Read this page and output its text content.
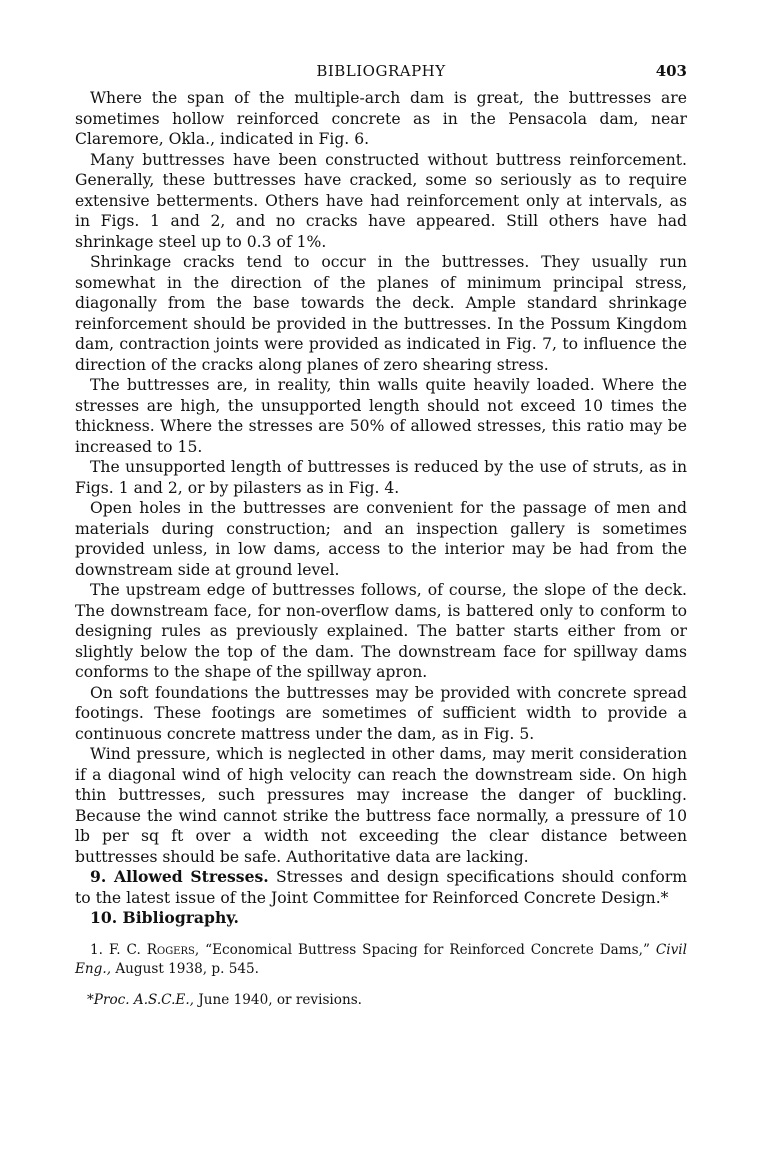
BIBLIOGRAPHY	403

Where the span of the multiple-arch dam is great, the buttresses are sometimes hollow reinforced concrete as in the Pensacola dam, near Claremore, Okla., indicated in Fig. 6.

Many buttresses have been constructed without buttress reinforcement. Generally, these buttresses have cracked, some so seriously as to require extensive betterments. Others have had reinforcement only at intervals, as in Figs. 1 and 2, and no cracks have appeared. Still others have had shrinkage steel up to 0.3 of 1%.

Shrinkage cracks tend to occur in the buttresses. They usually run somewhat in the direction of the planes of minimum principal stress, diagonally from the base towards the deck. Ample standard shrinkage reinforcement should be provided in the buttresses. In the Possum Kingdom dam, contraction joints were provided as indicated in Fig. 7, to influence the direction of the cracks along planes of zero shearing stress.

The buttresses are, in reality, thin walls quite heavily loaded. Where the stresses are high, the unsupported length should not exceed 10 times the thickness. Where the stresses are 50% of allowed stresses, this ratio may be increased to 15.

The unsupported length of buttresses is reduced by the use of struts, as in Figs. 1 and 2, or by pilasters as in Fig. 4.

Open holes in the buttresses are convenient for the passage of men and materials during construction; and an inspection gallery is sometimes provided unless, in low dams, access to the interior may be had from the downstream side at ground level.

The upstream edge of buttresses follows, of course, the slope of the deck. The downstream face, for non-overflow dams, is battered only to conform to designing rules as previously explained. The batter starts either from or slightly below the top of the dam. The downstream face for spillway dams conforms to the shape of the spillway apron.

On soft foundations the buttresses may be provided with concrete spread footings. These footings are sometimes of sufficient width to provide a continuous concrete mattress under the dam, as in Fig. 5.

Wind pressure, which is neglected in other dams, may merit consideration if a diagonal wind of high velocity can reach the downstream side. On high thin buttresses, such pressures may increase the danger of buckling. Because the wind cannot strike the buttress face normally, a pressure of 10 lb per sq ft over a width not exceeding the clear distance between buttresses should be safe. Authoritative data are lacking.

9. Allowed Stresses. Stresses and design specifications should conform to the latest issue of the Joint Committee for Reinforced Concrete Design.*

10. Bibliography.

1. F. C. Rogers, “Economical Buttress Spacing for Reinforced Concrete Dams,” Civil Eng., August 1938, p. 545.
*Proc. A.S.C.E., June 1940, or revisions.
